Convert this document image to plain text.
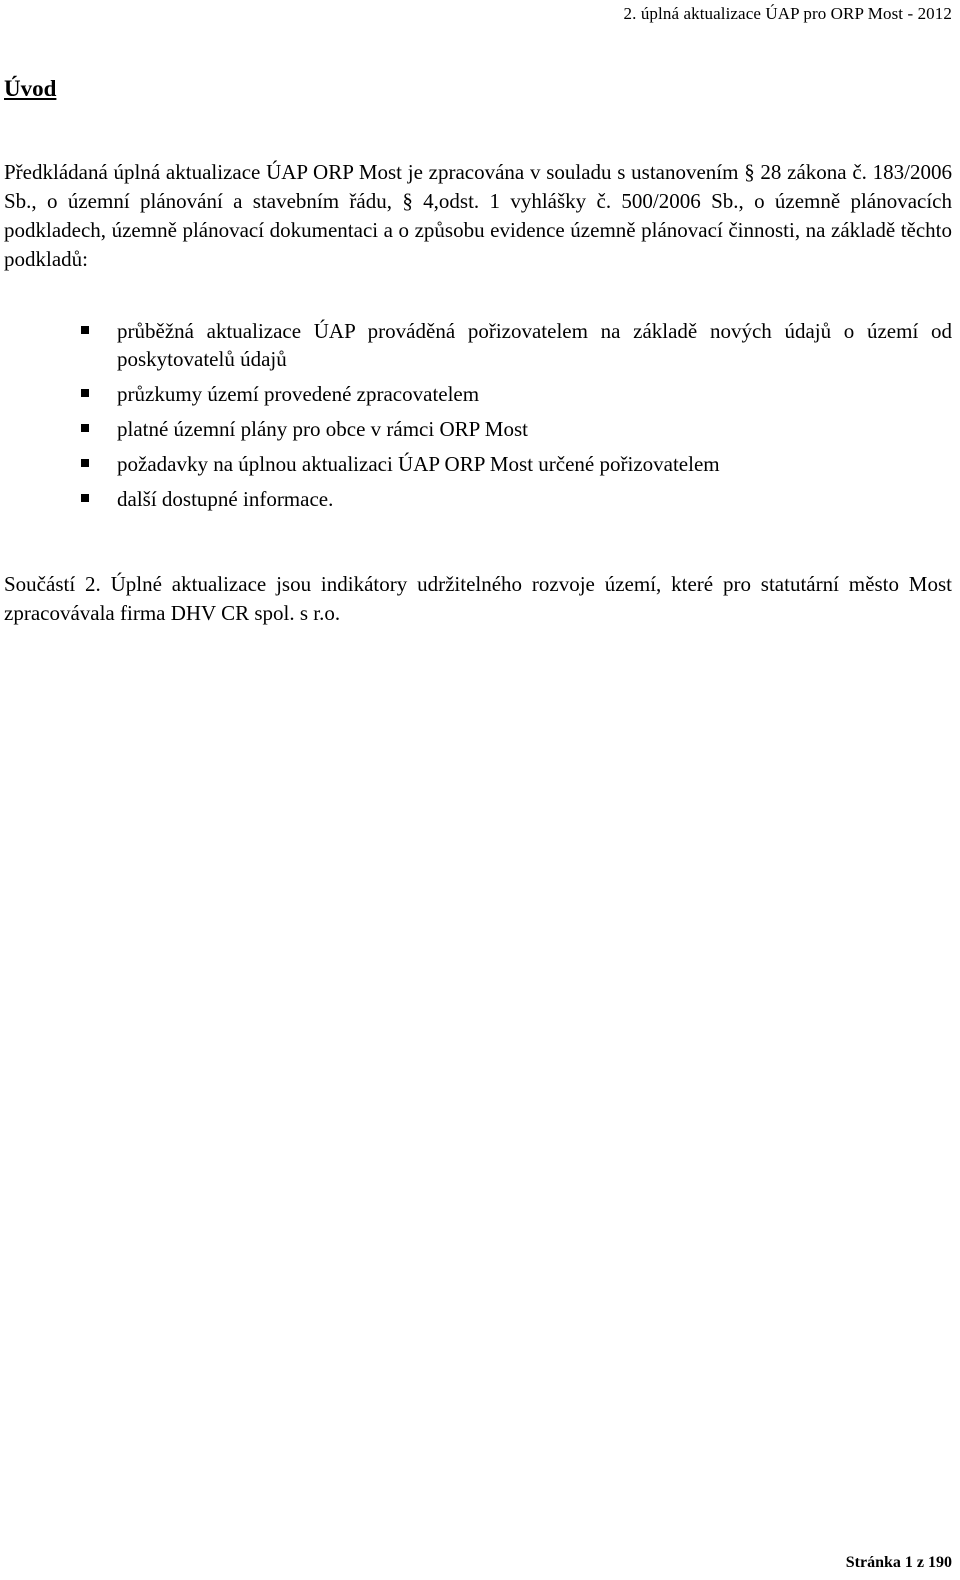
2. úplná aktualizace ÚAP pro ORP Most - 2012
Úvod

Předkládaná úplná aktualizace ÚAP ORP Most je zpracována v souladu s ustanovením § 28 zákona č. 183/2006 Sb., o územní plánování a stavebním řádu, § 4,odst. 1 vyhlášky č. 500/2006 Sb., o územně plánovacích podkladech, územně plánovací dokumentaci a o způsobu evidence územně plánovací činnosti, na základě těchto podkladů:

průběžná aktualizace ÚAP prováděná pořizovatelem na základě nových údajů o území od poskytovatelů údajů
průzkumy území provedené zpracovatelem
platné územní plány pro obce v rámci ORP Most
požadavky na úplnou aktualizaci ÚAP ORP Most určené pořizovatelem
další dostupné informace.

Součástí 2. Úplné aktualizace jsou indikátory udržitelného rozvoje území, které pro statutární město Most zpracovávala firma DHV CR spol. s r.o.

Stránka 1 z 190
